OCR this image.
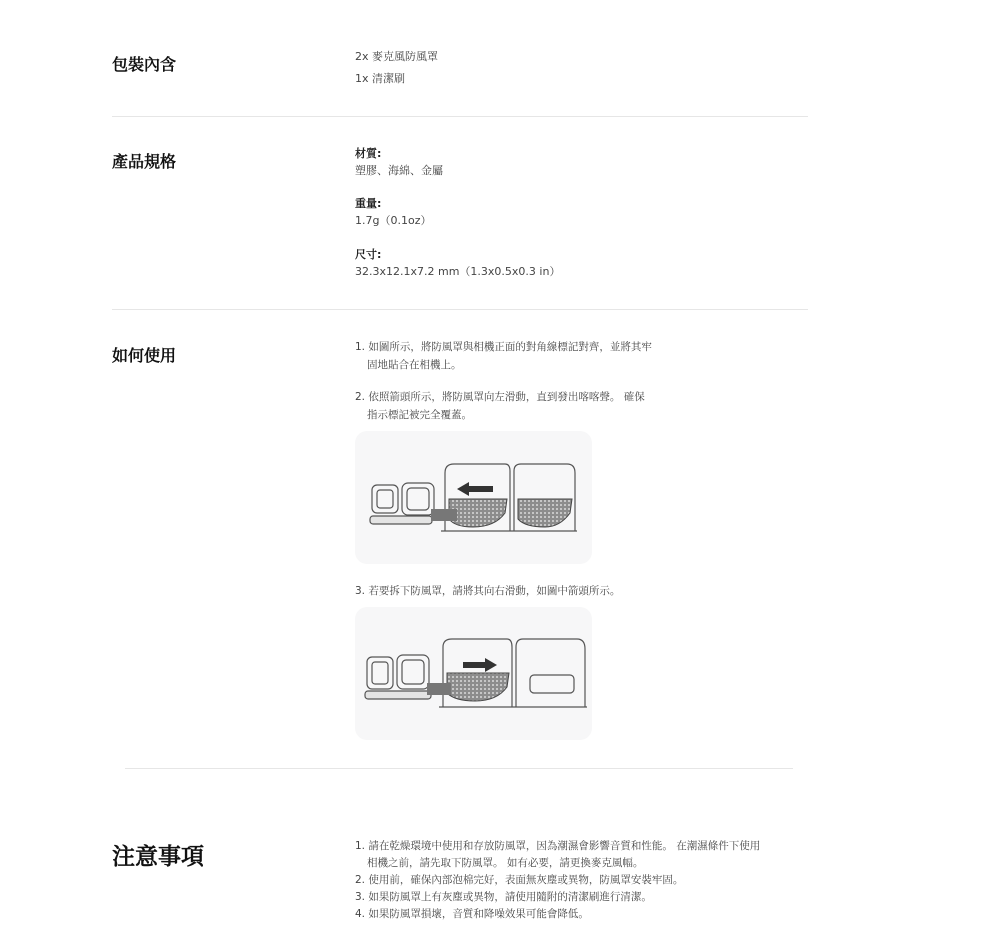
包裝內含	2x 麥克風防風罩
1x 清潔刷
產品規格	材質:
塑膠、海綿、金屬
重量:
1.7g（0.1oz）
尺寸:
32.3x12.1x7.2 mm（1.3x0.5x0.3 in）
如何使用	1. 如圖所示，將防風罩與相機正面的對角線標記對齊，並將其牢
固地貼合在相機上。
2. 依照箭頭所示，將防風罩向左滑動，直到發出喀喀聲。 確保
指示標記被完全覆蓋。
3. 若要拆下防風罩，請將其向右滑動，如圖中箭頭所示。
注意事項	1. 請在乾燥環境中使用和存放防風罩，因為潮濕會影響音質和性能。 在潮濕條件下使用
相機之前，請先取下防風罩。 如有必要，請更換麥克風幅。
2. 使用前，確保內部泡棉完好，表面無灰塵或異物，防風罩安裝牢固。
3. 如果防風罩上有灰塵或異物，請使用隨附的清潔刷進行清潔。
4. 如果防風罩損壞，音質和降噪效果可能會降低。
